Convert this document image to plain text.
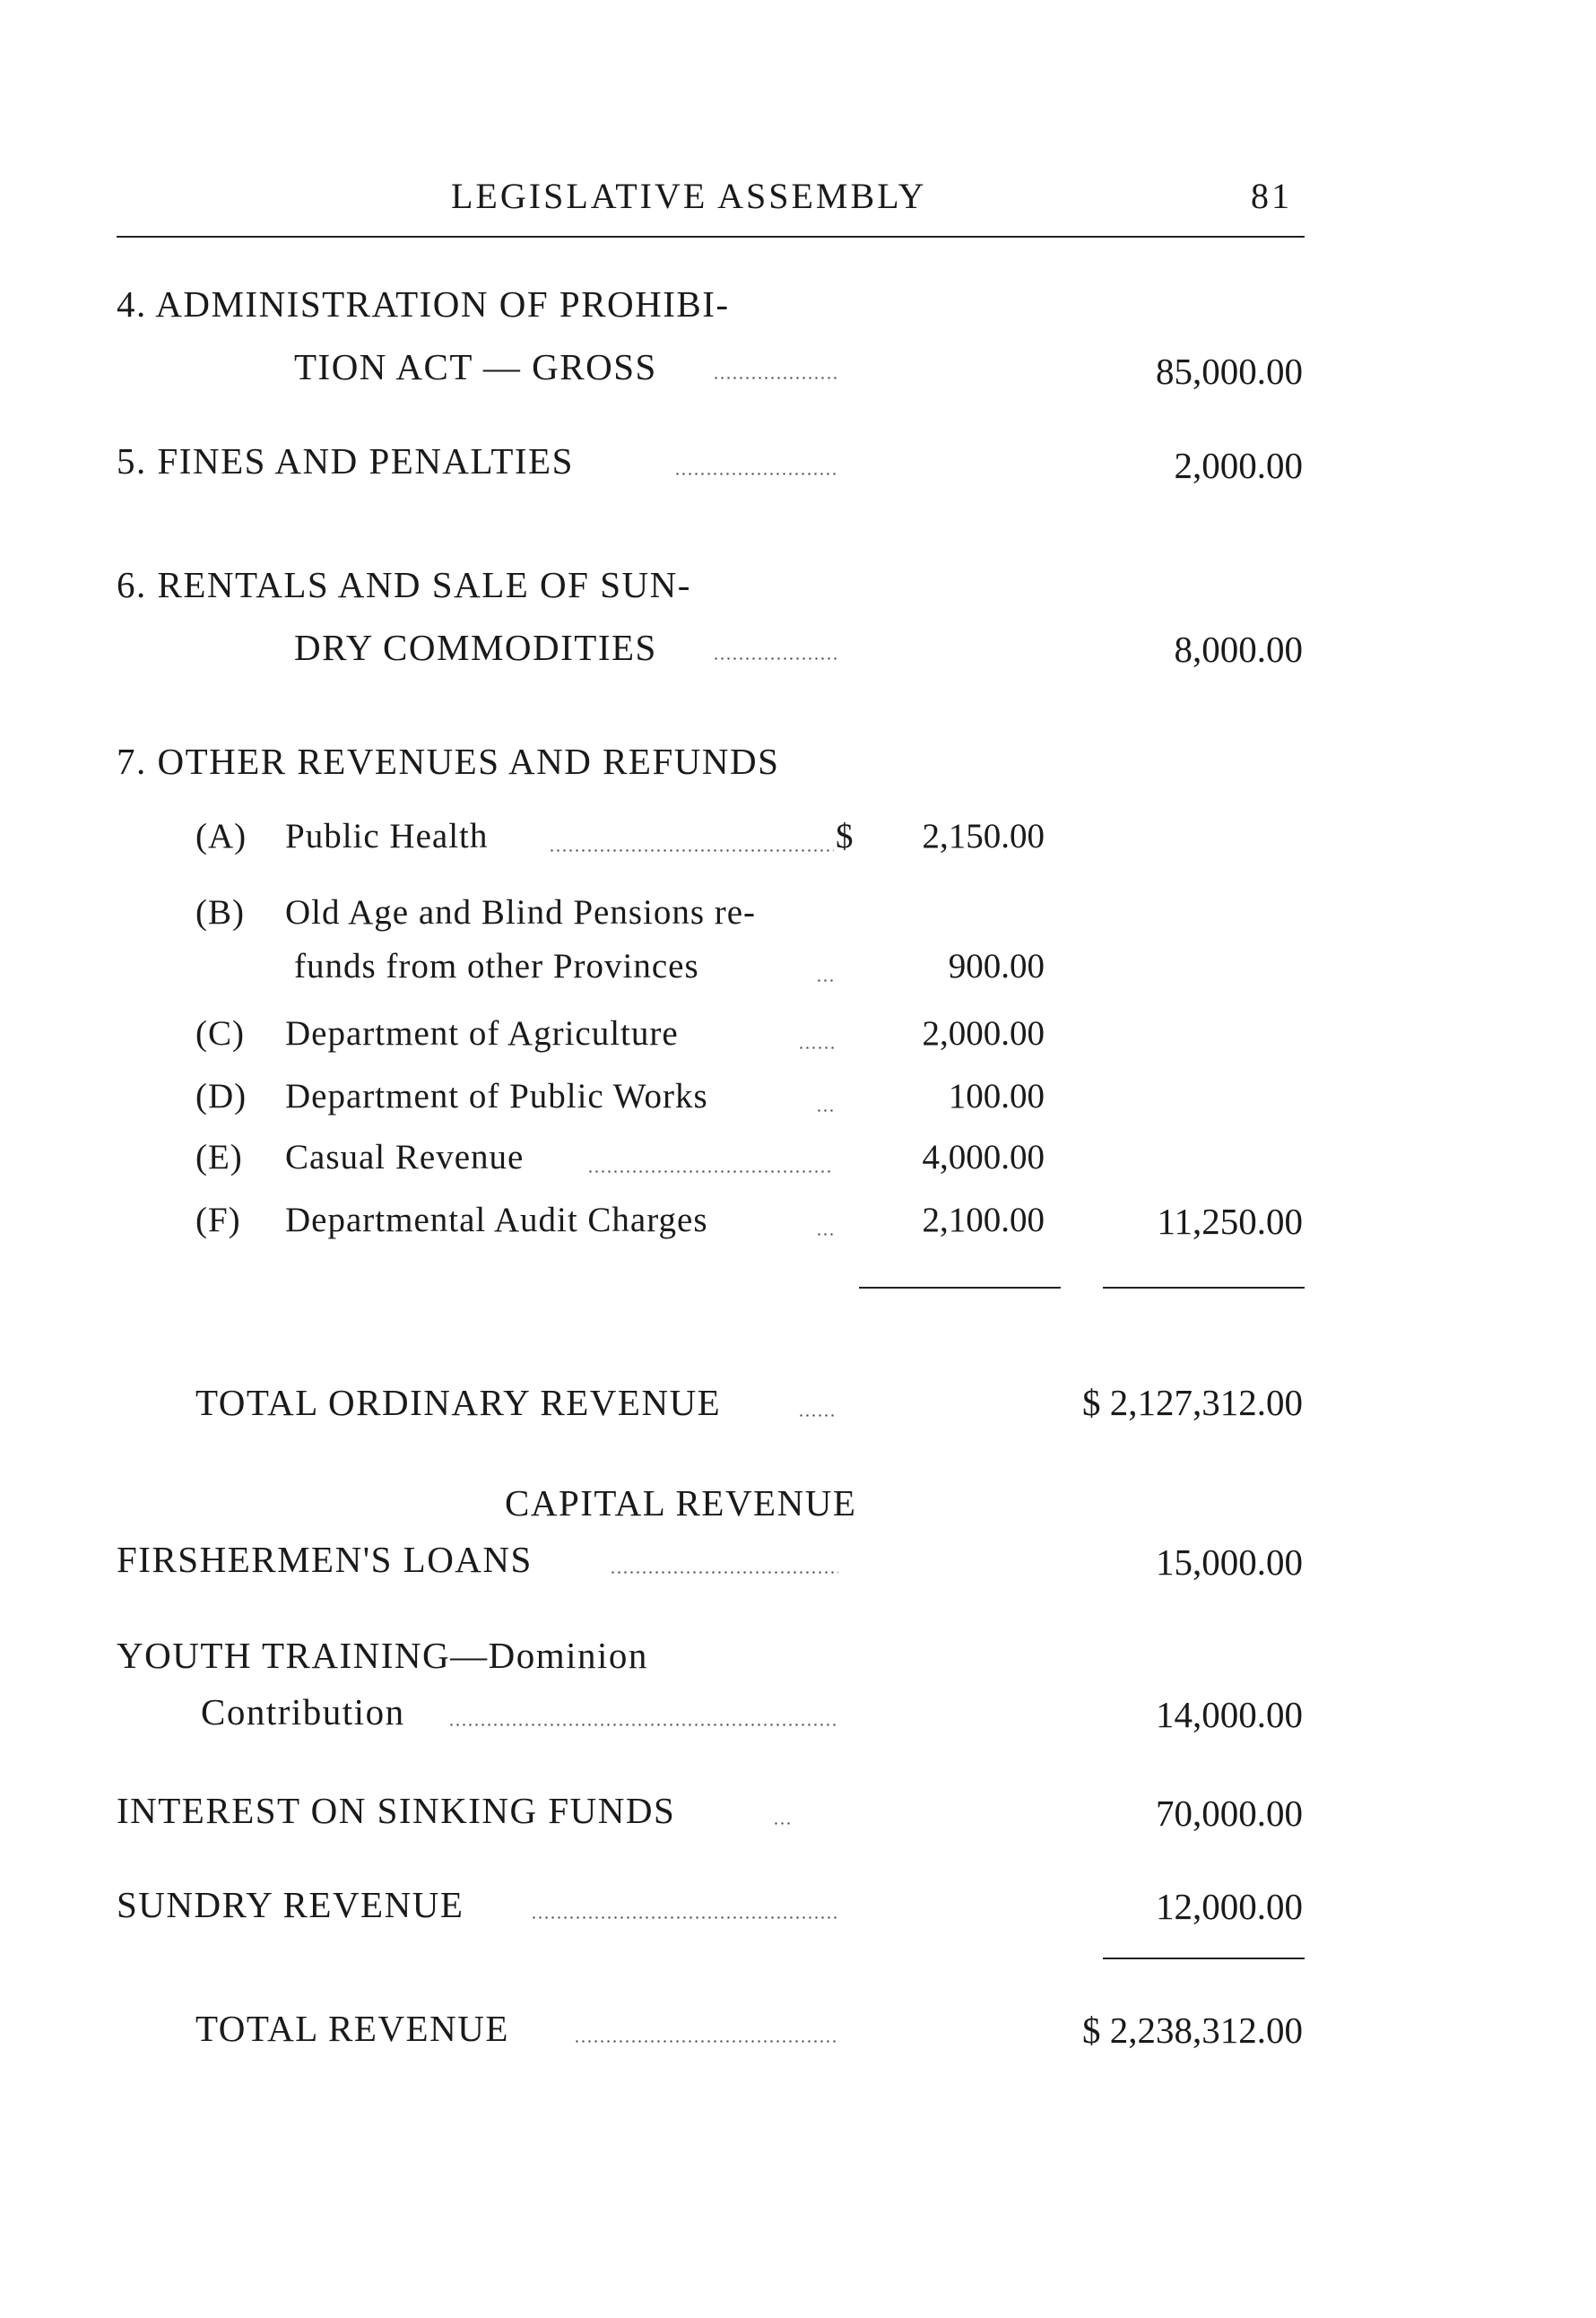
LEGISLATIVE ASSEMBLY	81
4. ADMINISTRATION OF PROHIBI-
TION ACT — GROSS	85,000.00
5. FINES AND PENALTIES	2,000.00
6. RENTALS AND SALE OF SUN-
DRY COMMODITIES	8,000.00
7. OTHER REVENUES AND REFUNDS
(A) Public Health	$ 2,150.00
(B) Old Age and Blind Pensions re-
funds from other Provinces	900.00
(C) Department of Agriculture	2,000.00
(D) Department of Public Works	100.00
(E) Casual Revenue	4,000.00
(F) Departmental Audit Charges	2,100.00	11,250.00
TOTAL ORDINARY REVENUE	$ 2,127,312.00
CAPITAL REVENUE
FIRSHERMEN'S LOANS	15,000.00
YOUTH TRAINING—Dominion
Contribution	14,000.00
INTEREST ON SINKING FUNDS	70,000.00
SUNDRY REVENUE	12,000.00
TOTAL REVENUE	$ 2,238,312.00
